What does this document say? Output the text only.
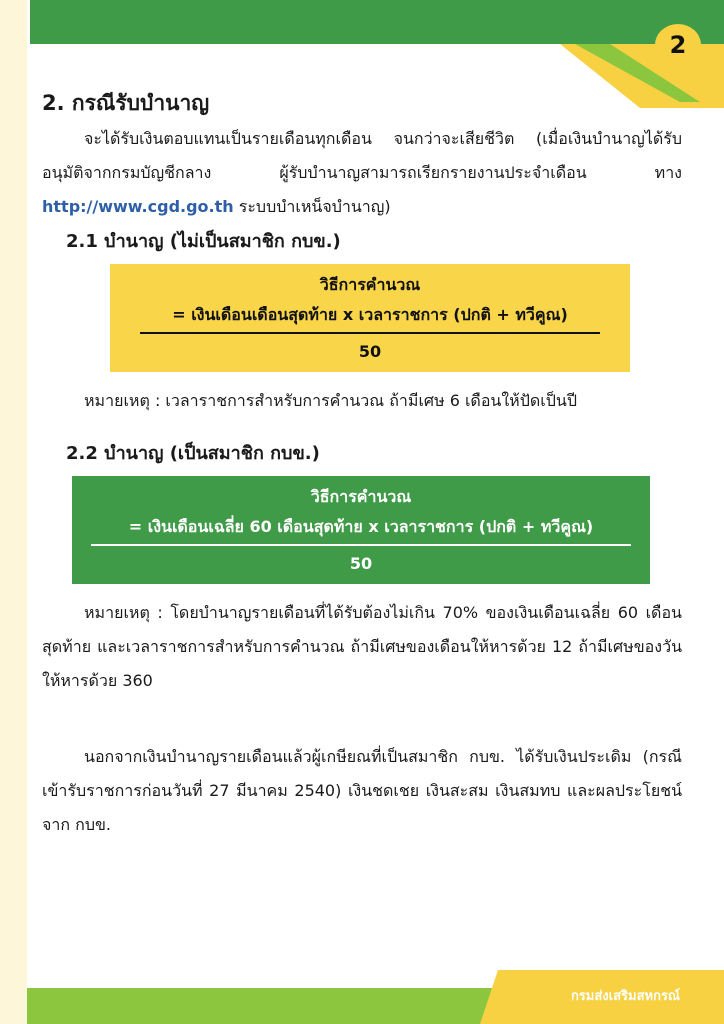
2
2. กรณีรับบำนาญ

จะได้รับเงินตอบแทนเป็นรายเดือนทุกเดือน จนกว่าจะเสียชีวิต (เมื่อเงินบำนาญได้รับอนุมัติจากกรมบัญชีกลาง ผู้รับบำนาญสามารถเรียกรายงานประจำเดือน ทาง http://www.cgd.go.th ระบบบำเหน็จบำนาญ)

2.1 บำนาญ (ไม่เป็นสมาชิก กบข.)
วิธีการคำนวณ
= เงินเดือนเดือนสุดท้าย x เวลาราชการ (ปกติ + ทวีคูณ)
50

หมายเหตุ : เวลาราชการสำหรับการคำนวณ ถ้ามีเศษ 6 เดือนให้ปัดเป็นปี

2.2 บำนาญ (เป็นสมาชิก กบข.)
วิธีการคำนวณ
= เงินเดือนเฉลี่ย 60 เดือนสุดท้าย x เวลาราชการ (ปกติ + ทวีคูณ)
50

หมายเหตุ : โดยบำนาญรายเดือนที่ได้รับต้องไม่เกิน 70% ของเงินเดือนเฉลี่ย 60 เดือนสุดท้าย และเวลาราชการสำหรับการคำนวณ ถ้ามีเศษของเดือนให้หารด้วย 12 ถ้ามีเศษของวัน ให้หารด้วย 360

นอกจากเงินบำนาญรายเดือนแล้วผู้เกษียณที่เป็นสมาชิก กบข. ได้รับเงินประเดิม (กรณีเข้ารับราชการก่อนวันที่ 27 มีนาคม 2540) เงินชดเชย เงินสะสม เงินสมทบ และผลประโยชน์จาก กบข.

กรมส่งเสริมสหกรณ์
